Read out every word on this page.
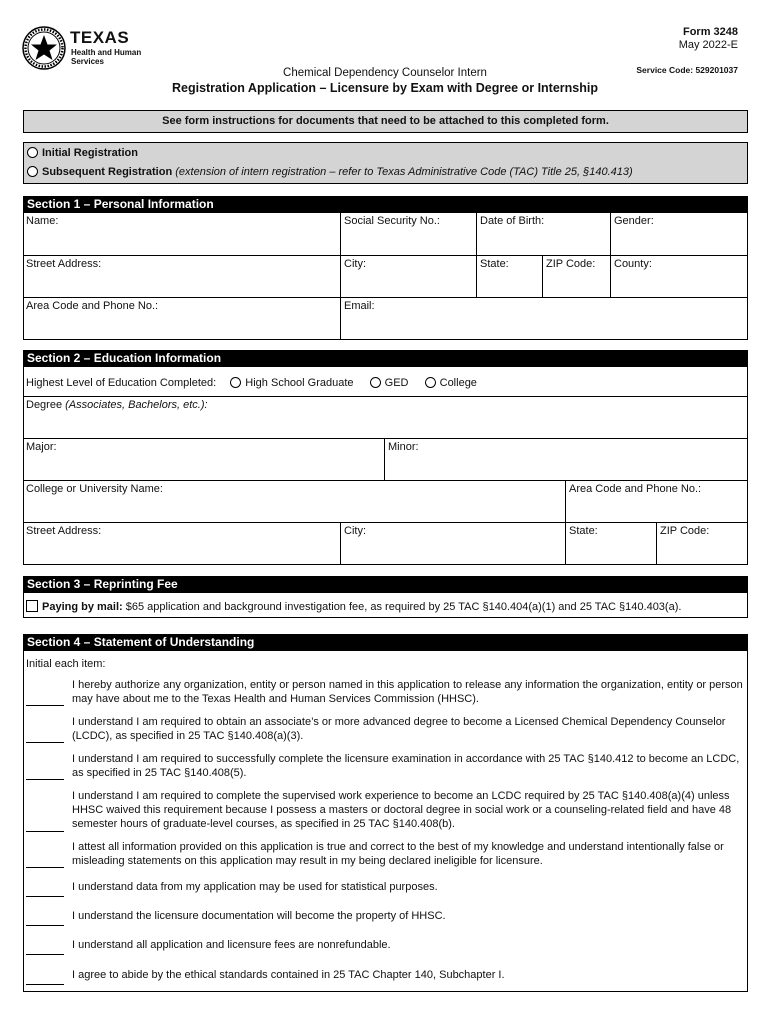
TEXAS
Health and Human
Services
Form 3248
May 2022-E
Service Code: 529201037
Chemical Dependency Counselor Intern
Registration Application – Licensure by Exam with Degree or Internship
See form instructions for documents that need to be attached to this completed form.
Initial Registration
Subsequent Registration (extension of intern registration – refer to Texas Administrative Code (TAC) Title 25, §140.413)
Section 1 – Personal Information
Name:	Social Security No.:	Date of Birth:	Gender:
Street Address:	City:	State:	ZIP Code: County:
Area Code and Phone No.:	Email:
Section 2 – Education Information
Highest Level of Education Completed:	High School Graduate	GED	College
Degree (Associates, Bachelors, etc.):
Major:	Minor:
College or University Name:	Area Code and Phone No.:
Street Address:	City:	State:	ZIP Code:
Section 3 – Reprinting Fee
Paying by mail: $65 application and background investigation fee, as required by 25 TAC §140.404(a)(1) and 25 TAC §140.403(a).
Section 4 – Statement of Understanding
Initial each item:
I hereby authorize any organization, entity or person named in this application to release any information the organization, entity or person may have about me to the Texas Health and Human Services Commission (HHSC).
I understand I am required to obtain an associate’s or more advanced degree to become a Licensed Chemical Dependency Counselor (LCDC), as specified in 25 TAC §140.408(a)(3).
I understand I am required to successfully complete the licensure examination in accordance with 25 TAC §140.412 to become an LCDC, as specified in 25 TAC §140.408(5).
I understand I am required to complete the supervised work experience to become an LCDC required by 25 TAC §140.408(a)(4) unless HHSC waived this requirement because I possess a masters or doctoral degree in social work or a counseling-related field and have 48 semester hours of graduate-level courses, as specified in 25 TAC §140.408(b).
I attest all information provided on this application is true and correct to the best of my knowledge and understand intentionally false or misleading statements on this application may result in my being declared ineligible for licensure.
I understand data from my application may be used for statistical purposes.
I understand the licensure documentation will become the property of HHSC.
I understand all application and licensure fees are nonrefundable.
I agree to abide by the ethical standards contained in 25 TAC Chapter 140, Subchapter I.
